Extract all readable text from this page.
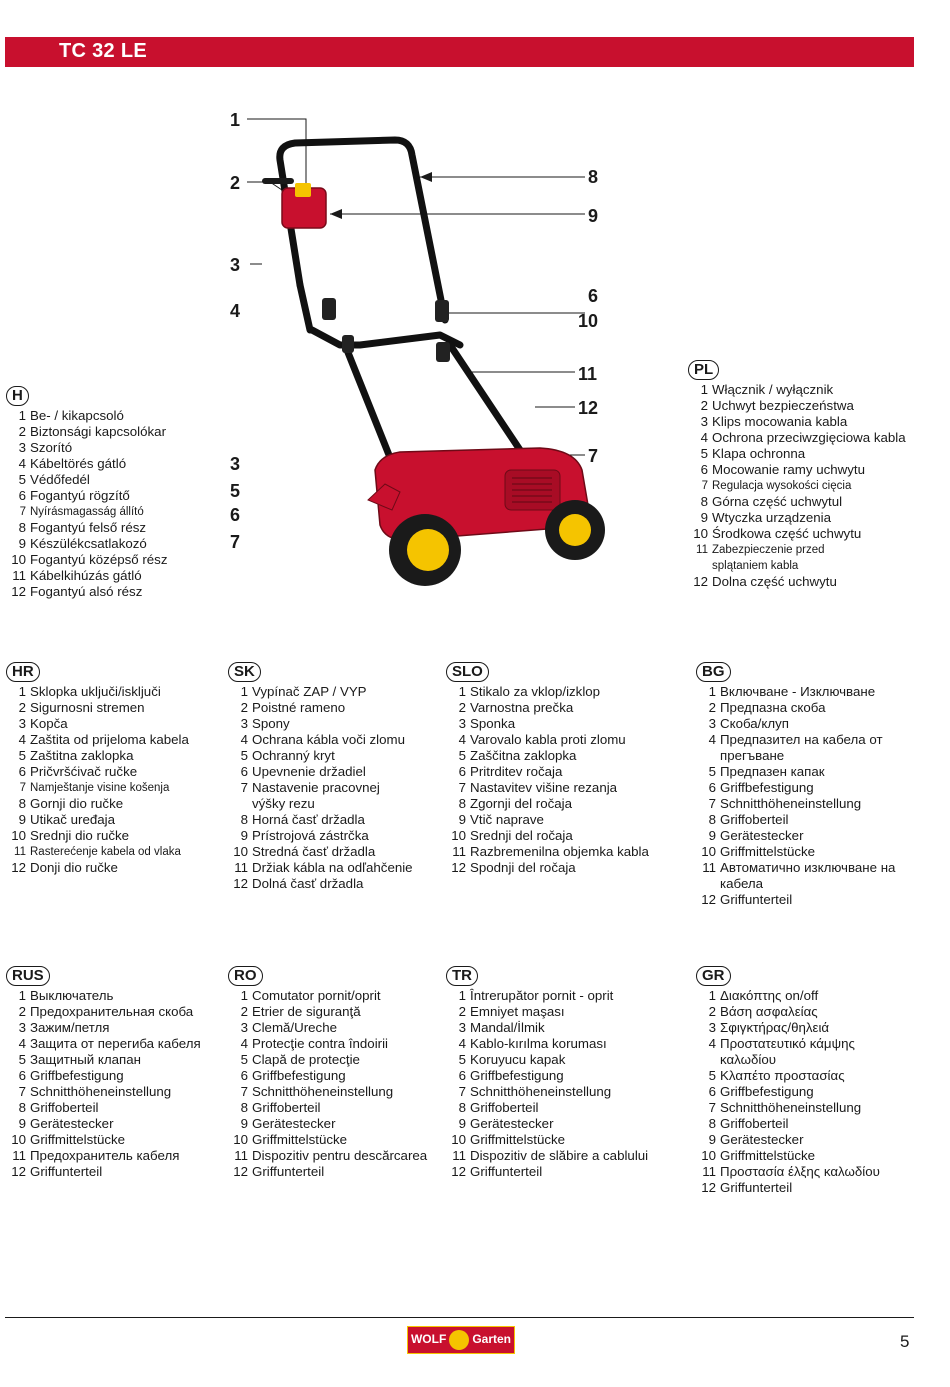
TC 32 LE
1
2
3
4
8
9
6
10
11
12
7
3
5
6
7
H
1 Be- / kikapcsoló
2 Biztonsági kapcsolókar
3 Szorító
4 Kábeltörés gátló
5 Védőfedél
6 Fogantyú rögzítő
7 Nyírásmagasság állító
8 Fogantyú felső rész
9 Készülékcsatlakozó
10 Fogantyú középső rész
11 Kábelkihúzás gátló
12 Fogantyú alsó rész
PL
1 Włącznik / wyłącznik
2 Uchwyt bezpieczeństwa
3 Klips mocowania kabla
4 Ochrona przeciwzgięciowa kabla
5 Klapa ochronna
6 Mocowanie ramy uchwytu
7 Regulacja wysokości cięcia
8 Górna część uchwytul
9 Wtyczka urządzenia
10 Środkowa część uchwytu
11 Zabezpieczenie przed
splątaniem kabla
12 Dolna część uchwytu
HR
1 Sklopka uključi/isključi
2 Sigurnosni stremen
3 Kopča
4 Zaštita od prijeloma kabela
5 Zaštitna zaklopka
6 Pričvršćivač ručke
7 Namještanje visine košenja
8 Gornji dio ručke
9 Utikač uređaja
10 Srednji dio ručke
11 Rasterećenje kabela od vlaka
12 Donji dio ručke
SK
1 Vypínač ZAP / VYP
2 Poistné rameno
3 Spony
4 Ochrana kábla voči zlomu
5 Ochranný kryt
6 Upevnenie držadiel
7 Nastavenie pracovnej
výšky rezu
8 Horná časť držadla
9 Prístrojová zástrčka
10 Stredná časť držadla
11 Držiak kábla na odľahčenie
12 Dolná časť držadla
SLO
1 Stikalo za vklop/izklop
2 Varnostna prečka
3 Sponka
4 Varovalo kabla proti zlomu
5 Zaščitna zaklopka
6 Pritrditev ročaja
7 Nastavitev višine rezanja
8 Zgornji del ročaja
9 Vtič naprave
10 Srednji del ročaja
11 Razbremenilna objemka kabla
12 Spodnji del ročaja
BG
1 Включване - Изключване
2 Предпазна скоба
3 Скоба/клуп
4 Предпазител на кабела от
прегъване
5 Предпазен капак
6 Griffbefestigung
7 Schnitthöheneinstellung
8 Griffoberteil
9 Gerätestecker
10 Griffmittelstücke
11 Автоматично изключване на
кабела
12 Griffunterteil
RUS
1 Выключатель
2 Предохранительная скоба
3 Зажим/петля
4 Защита от перегиба кабеля
5 Защитный клапан
6 Griffbefestigung
7 Schnitthöheneinstellung
8 Griffoberteil
9 Gerätestecker
10 Griffmittelstücke
11 Предохранитель кабеля
12 Griffunterteil
RO
1 Comutator pornit/oprit
2 Etrier de siguranţă
3 Clemă/Ureche
4 Protecţie contra îndoirii
5 Clapă de protecţie
6 Griffbefestigung
7 Schnitthöheneinstellung
8 Griffoberteil
9 Gerätestecker
10 Griffmittelstücke
11 Dispozitiv pentru descărcarea
12 Griffunterteil
TR
1 Întrerupător pornit - oprit
2 Emniyet maşası
3 Mandal/İlmik
4 Kablo-kırılma koruması
5 Koruyucu kapak
6 Griffbefestigung
7 Schnitthöheneinstellung
8 Griffoberteil
9 Gerätestecker
10 Griffmittelstücke
11 Dispozitiv de slăbire a cablului
12 Griffunterteil
GR
1 Διακόπτης on/off
2 Βάση ασφαλείας
3 Σφιγκτήρας/θηλειά
4 Προστατευτικό κάμψης
καλωδίου
5 Κλαπέτο προστασίας
6 Griffbefestigung
7 Schnitthöheneinstellung
8 Griffoberteil
9 Gerätestecker
10 Griffmittelstücke
11 Προστασία έλξης καλωδίου
12 Griffunterteil
WOLF Garten	5
